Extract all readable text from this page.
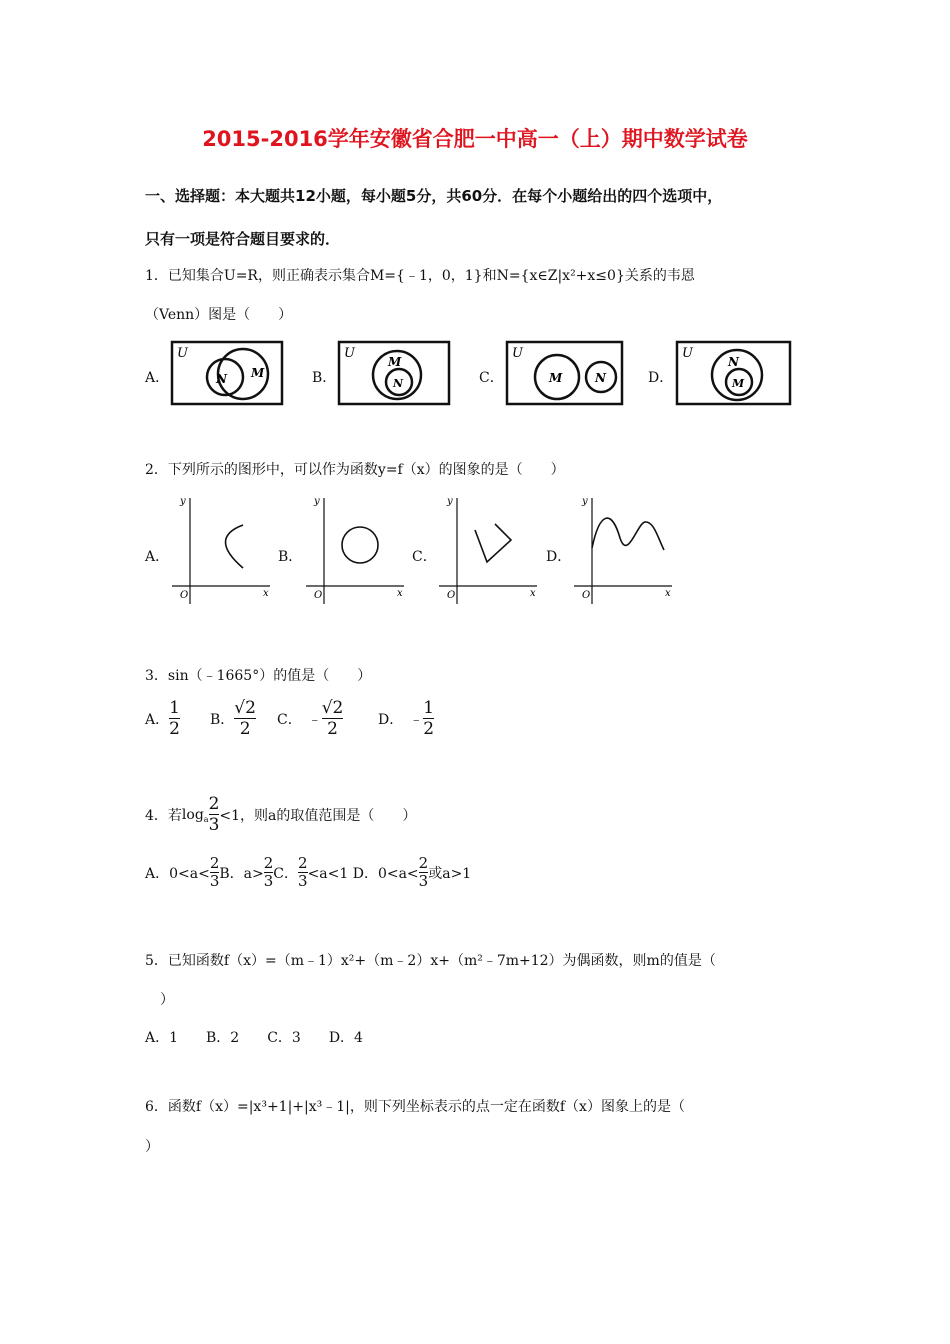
2015-2016学年安徽省合肥一中高一（上）期中数学试卷
一、选择题：本大题共12小题，每小题5分，共60分．在每个小题给出的四个选项中，
只有一项是符合题目要求的．
1．已知集合U=R，则正确表示集合M={﹣1，0，1}和N={x∈Z|x²+x≤0}关系的韦恩
（Venn）图是（　　）
A．
U
N M	B．
U
M
N	C．
U
M	N	D．
U
N
M
2．下列所示的图形中，可以作为函数y=f（x）的图象的是（　　）
A．
y
O	x
B．
y
O	x
C．
y
O	x
D．
y
O	x
3．sin（﹣1665°）的值是（　　）
A． $\frac{1}{2}$ B． $\frac{√2}{2}$ C． ﹣ $\frac{√2}{2}$ D． ﹣ $\frac{1}{2}$
4．若 $\log_a \frac{2}{3} <1$，则a的取值范围是（　　）
A．$0<a< \frac{2}{3}$ B．$a> \frac{2}{3}$ C． $\frac{2}{3} <a<1$ D．$0<a< \frac{2}{3}$ 或a>1
5．已知函数f（x）=（m﹣1）x²+（m﹣2）x+（m²﹣7m+12）为偶函数，则m的值是（
）
A．1　　B．2　　C．3　　D．4
6．函数f（x）=|x³+1|+|x³﹣1|，则下列坐标表示的点一定在函数f（x）图象上的是（
）
